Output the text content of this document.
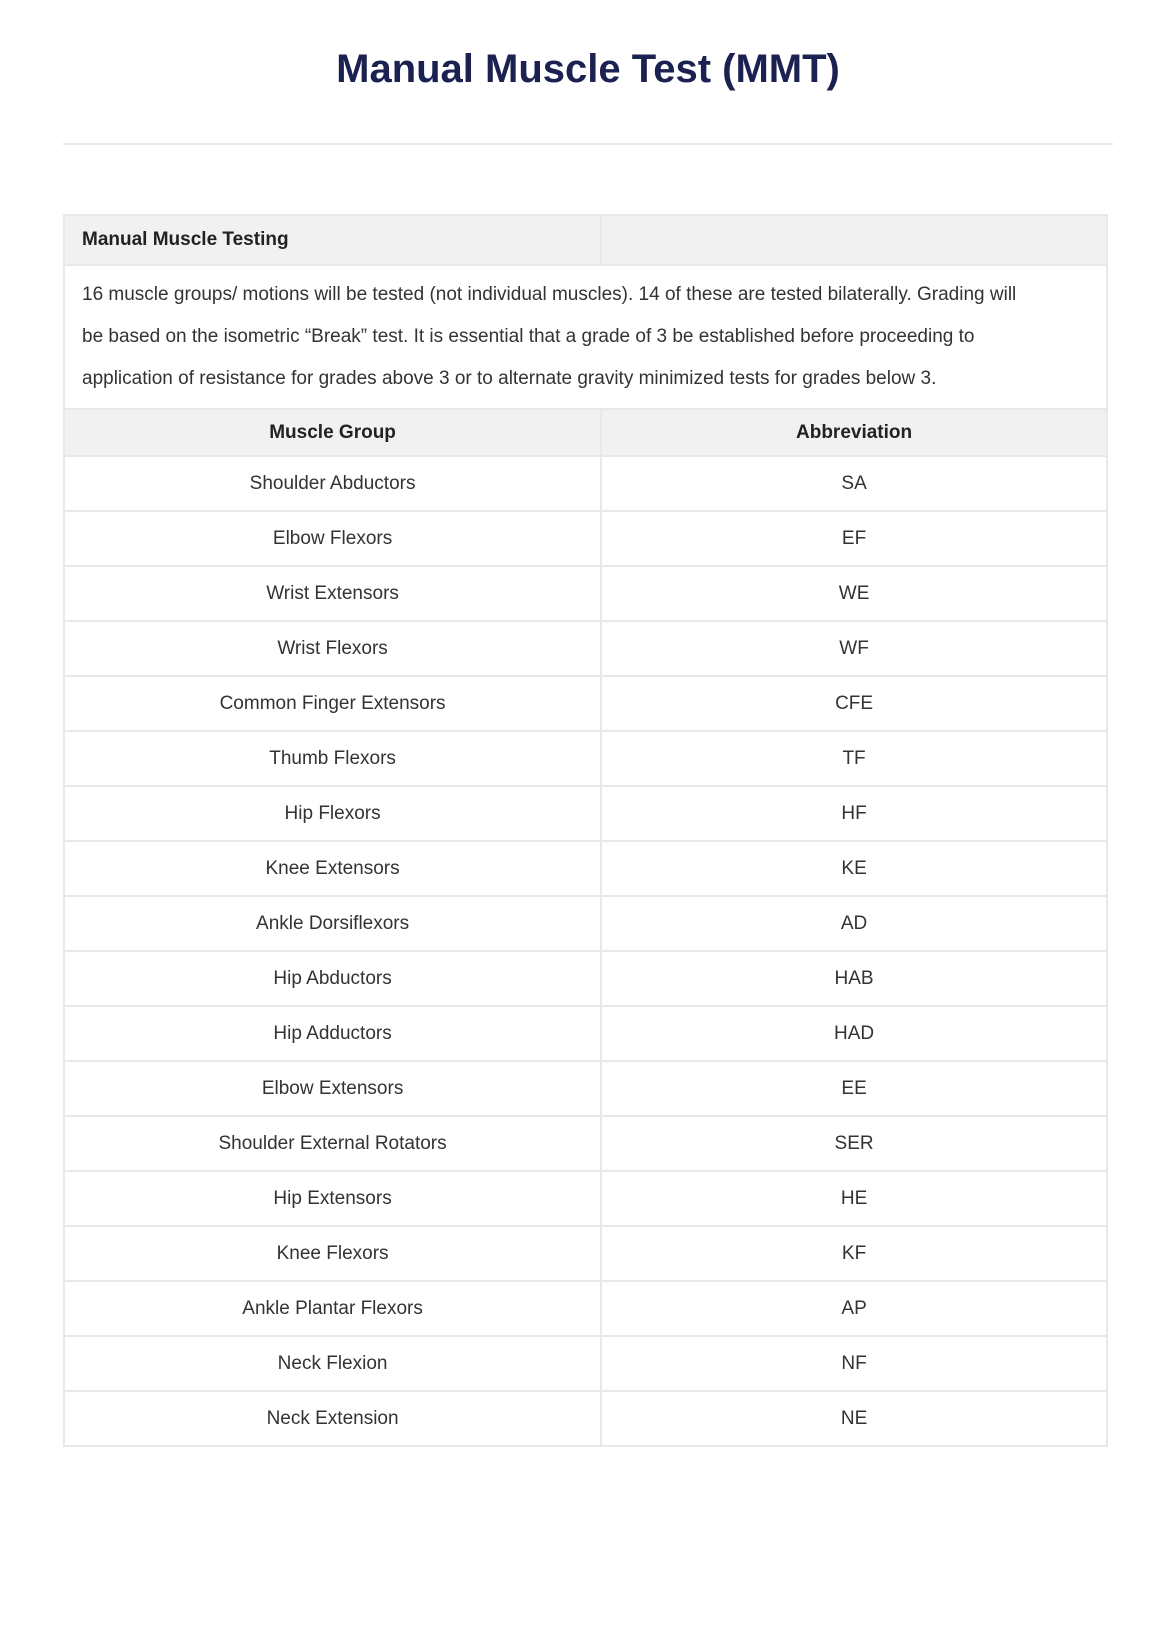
Manual Muscle Test (MMT)
Manual Muscle Testing

16 muscle groups/ motions will be tested (not individual muscles). 14 of these are tested bilaterally. Grading will be based on the isometric “Break” test. It is essential that a grade of 3 be established before proceeding to application of resistance for grades above 3 or to alternate gravity minimized tests for grades below 3.

Muscle Group	Abbreviation
Shoulder Abductors	SA
Elbow Flexors	EF
Wrist Extensors	WE
Wrist Flexors	WF
Common Finger Extensors	CFE
Thumb Flexors	TF
Hip Flexors	HF
Knee Extensors	KE
Ankle Dorsiflexors	AD
Hip Abductors	HAB
Hip Adductors	HAD
Elbow Extensors	EE
Shoulder External Rotators	SER
Hip Extensors	HE
Knee Flexors	KF
Ankle Plantar Flexors	AP
Neck Flexion	NF
Neck Extension	NE
